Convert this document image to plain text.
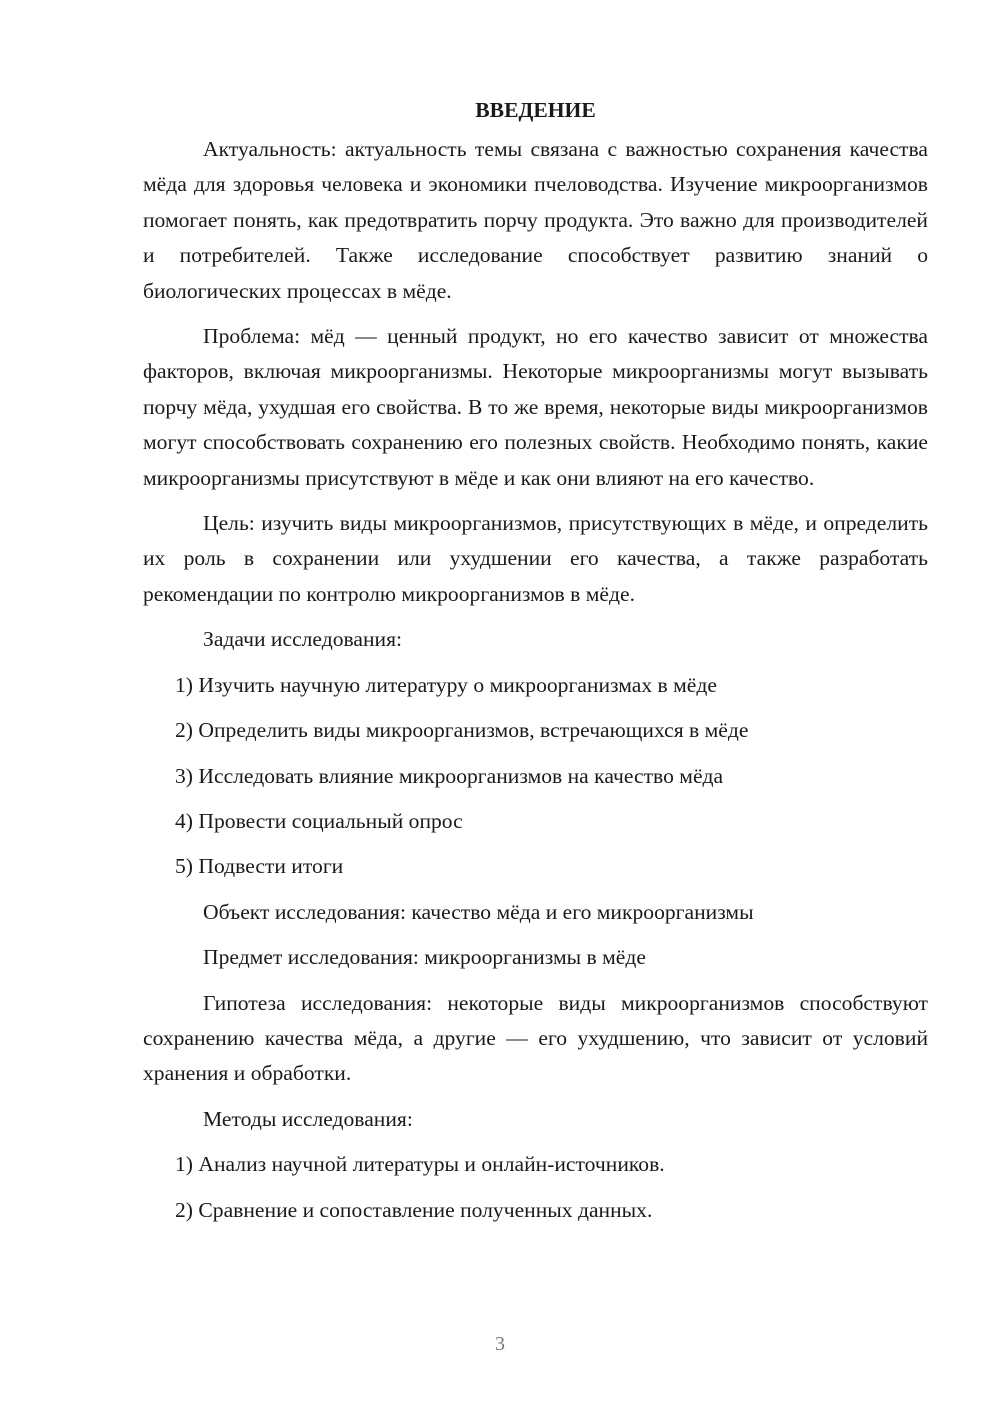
ВВЕДЕНИЕ

Актуальность: актуальность темы связана с важностью сохранения качества мёда для здоровья человека и экономики пчеловодства. Изучение микроорганизмов помогает понять, как предотвратить порчу продукта. Это важно для производителей и потребителей. Также исследование способствует развитию знаний о биологических процессах в мёде.

Проблема: мёд — ценный продукт, но его качество зависит от множества факторов, включая микроорганизмы. Некоторые микроорганизмы могут вызывать порчу мёда, ухудшая его свойства. В то же время, некоторые виды микроорганизмов могут способствовать сохранению его полезных свойств. Необходимо понять, какие микроорганизмы присутствуют в мёде и как они влияют на его качество.

Цель: изучить виды микроорганизмов, присутствующих в мёде, и определить их роль в сохранении или ухудшении его качества, а также разработать рекомендации по контролю микроорганизмов в мёде.

Задачи исследования:

1) Изучить научную литературу о микроорганизмах в мёде

2) Определить виды микроорганизмов, встречающихся в мёде

3) Исследовать влияние микроорганизмов на качество мёда

4) Провести социальный опрос

5) Подвести итоги

Объект исследования: качество мёда и его микроорганизмы

Предмет исследования: микроорганизмы в мёде

Гипотеза исследования: некоторые виды микроорганизмов способствуют сохранению качества мёда, а другие — его ухудшению, что зависит от условий хранения и обработки.

Методы исследования:

1) Анализ научной литературы и онлайн-источников.

2) Сравнение и сопоставление полученных данных.

3
